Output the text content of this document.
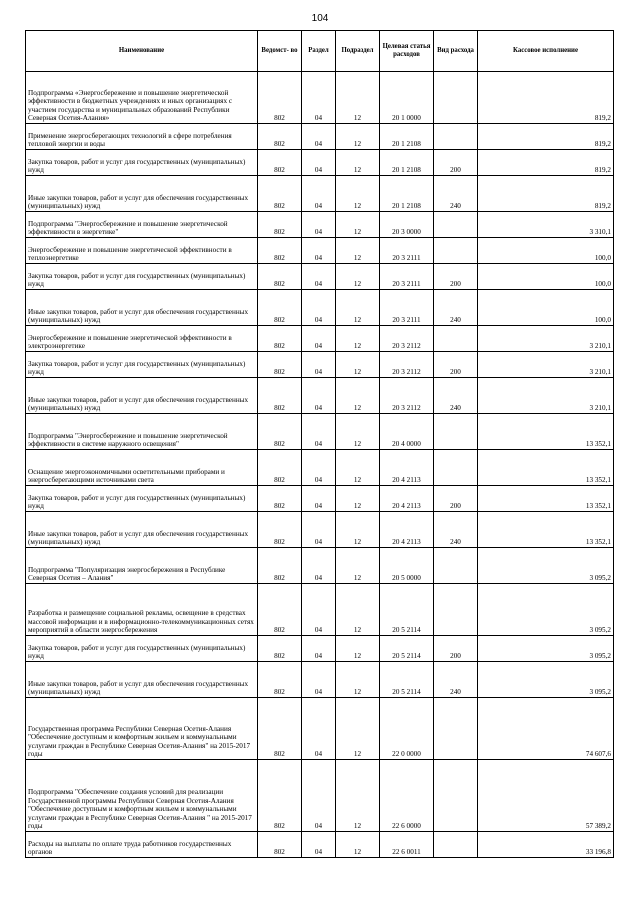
104
Наименование	Ведомст- во	Раздел	Подраздел	Целевая статья расходов	Вид расхода	Кассовое исполнение
Подпрограмма «Энергосбережение и повышение энергетической эффективности в бюджетных учреждениях и иных организациях с участием государства и муниципальных образований Республики Северная Осетия-Алания»	802	04	12	20 1 0000		819,2
Применение энергосберегающих технологий в сфере потребления тепловой энергии и воды	802	04	12	20 1 2108		819,2
Закупка товаров, работ и услуг для государственных (муниципальных) нужд	802	04	12	20 1 2108	200	819,2
Иные закупки товаров, работ и услуг для обеспечения государственных (муниципальных) нужд	802	04	12	20 1 2108	240	819,2
Подпрограмма "Энергосбережение и повышение энергетической эффективности в энергетике"	802	04	12	20 3 0000		3 310,1
Энергосбережение и повышение энергетической эффективности в теплоэнергетике	802	04	12	20 3 2111		100,0
Закупка товаров, работ и услуг для государственных (муниципальных) нужд	802	04	12	20 3 2111	200	100,0
Иные закупки товаров, работ и услуг для обеспечения государственных (муниципальных) нужд	802	04	12	20 3 2111	240	100,0
Энергосбережение и повышение энергетической эффективности в электроэнергетике	802	04	12	20 3 2112		3 210,1
Закупка товаров, работ и услуг для государственных (муниципальных) нужд	802	04	12	20 3 2112	200	3 210,1
Иные закупки товаров, работ и услуг для обеспечения государственных (муниципальных) нужд	802	04	12	20 3 2112	240	3 210,1
Подпрограмма "Энергосбережение и повышение энергетической эффективности в системе наружного освещения"	802	04	12	20 4 0000		13 352,1
Оснащение энергоэкономичными осветительными приборами и энергосберегающими источниками света	802	04	12	20 4 2113		13 352,1
Закупка товаров, работ и услуг для государственных (муниципальных) нужд	802	04	12	20 4 2113	200	13 352,1
Иные закупки товаров, работ и услуг для обеспечения государственных (муниципальных) нужд	802	04	12	20 4 2113	240	13 352,1
Подпрограмма "Популяризация энергосбережения в Республике Северная Осетия – Алания"	802	04	12	20 5 0000		3 095,2
Разработка и размещение социальной рекламы, освещение в средствах массовой информации и в информационно-телекоммуникационных сетях мероприятий в области энергосбережения	802	04	12	20 5 2114		3 095,2
Закупка товаров, работ и услуг для государственных (муниципальных) нужд	802	04	12	20 5 2114	200	3 095,2
Иные закупки товаров, работ и услуг для обеспечения государственных (муниципальных) нужд	802	04	12	20 5 2114	240	3 095,2
Государственная программа Республики Северная Осетия-Алания "Обеспечение доступным и комфортным жильем и коммунальными услугами граждан в Республике Северная Осетия-Алания" на 2015-2017 годы	802	04	12	22 0 0000		74 607,6
Подпрограмма "Обеспечение создания условий для реализации Государственной программы Республики Северная Осетия-Алания "Обеспечение доступным и комфортным жильем и коммунальными услугами граждан в Республике Северная Осетия-Алания " на 2015-2017 годы	802	04	12	22 6 0000		57 389,2
Расходы на выплаты по оплате труда работников государственных органов	802	04	12	22 6 0011		33 196,8
